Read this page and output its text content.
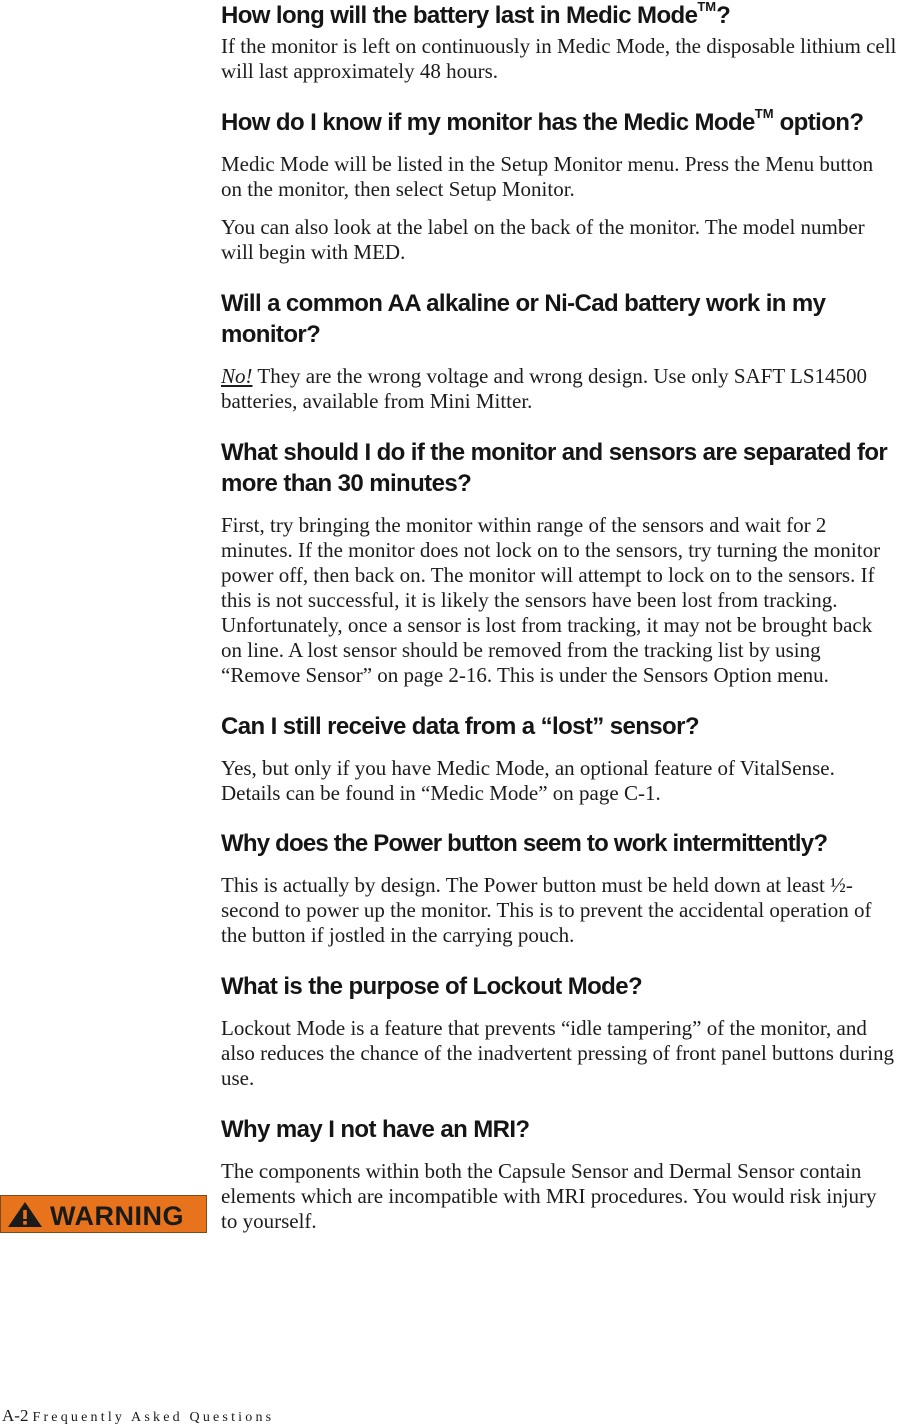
How long will the battery last in Medic Mode™?

If the monitor is left on continuously in Medic Mode, the disposable lithium cell will last approximately 48 hours.

How do I know if my monitor has the Medic Mode™ option?

Medic Mode will be listed in the Setup Monitor menu. Press the Menu button on the monitor, then select Setup Monitor.

You can also look at the label on the back of the monitor. The model number will begin with MED.

Will a common AA alkaline or Ni-Cad battery work in my monitor?

No! They are the wrong voltage and wrong design. Use only SAFT LS14500 batteries, available from Mini Mitter.

What should I do if the monitor and sensors are separated for more than 30 minutes?

First, try bringing the monitor within range of the sensors and wait for 2 minutes. If the monitor does not lock on to the sensors, try turning the monitor power off, then back on. The monitor will attempt to lock on to the sensors. If this is not successful, it is likely the sensors have been lost from tracking. Unfortunately, once a sensor is lost from tracking, it may not be brought back on line. A lost sensor should be removed from the tracking list by using “Remove Sensor” on page 2-16. This is under the Sensors Option menu.

Can I still receive data from a “lost” sensor?

Yes, but only if you have Medic Mode, an optional feature of VitalSense. Details can be found in “Medic Mode” on page C-1.

Why does the Power button seem to work intermittently?

This is actually by design. The Power button must be held down at least ½-second to power up the monitor. This is to prevent the accidental operation of the button if jostled in the carrying pouch.

What is the purpose of Lockout Mode?

Lockout Mode is a feature that prevents “idle tampering” of the monitor, and also reduces the chance of the inadvertent pressing of front panel buttons during use.

Why may I not have an MRI?

The components within both the Capsule Sensor and Dermal Sensor contain elements which are incompatible with MRI procedures. You would risk injury to yourself.

WARNING
A-2 Frequently Asked Questions
